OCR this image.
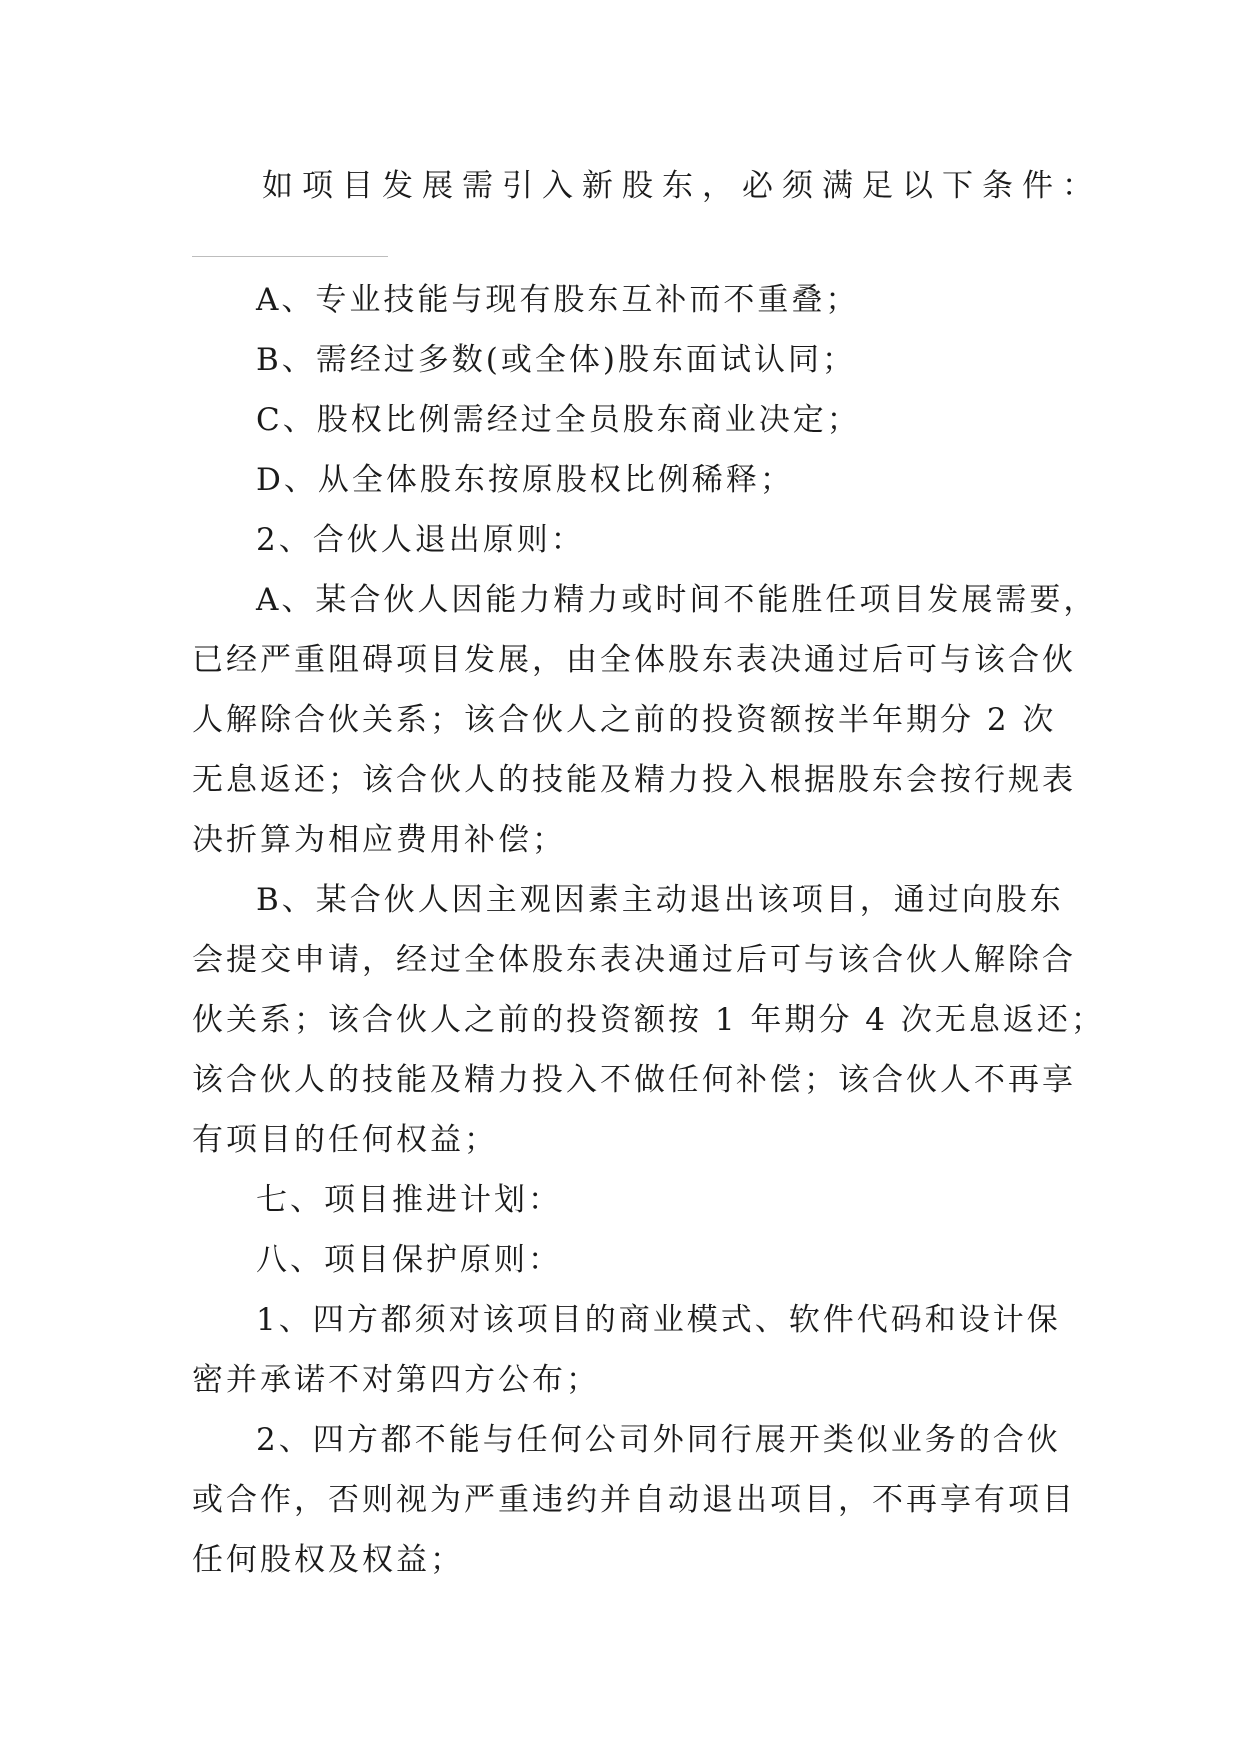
如项目发展需引入新股东，必须满足以下条件：
A、专业技能与现有股东互补而不重叠；
B、需经过多数(或全体)股东面试认同；
C、股权比例需经过全员股东商业决定；
D、从全体股东按原股权比例稀释；
2、合伙人退出原则：
A、某合伙人因能力精力或时间不能胜任项目发展需要，
已经严重阻碍项目发展，由全体股东表决通过后可与该合伙
人解除合伙关系；该合伙人之前的投资额按半年期分 2 次
无息返还；该合伙人的技能及精力投入根据股东会按行规表
决折算为相应费用补偿；
B、某合伙人因主观因素主动退出该项目，通过向股东
会提交申请，经过全体股东表决通过后可与该合伙人解除合
伙关系；该合伙人之前的投资额按 1 年期分 4 次无息返还；
该合伙人的技能及精力投入不做任何补偿；该合伙人不再享
有项目的任何权益；
七、项目推进计划：
八、项目保护原则：
1、四方都须对该项目的商业模式、软件代码和设计保
密并承诺不对第四方公布；
2、四方都不能与任何公司外同行展开类似业务的合伙
或合作，否则视为严重违约并自动退出项目，不再享有项目
任何股权及权益；
